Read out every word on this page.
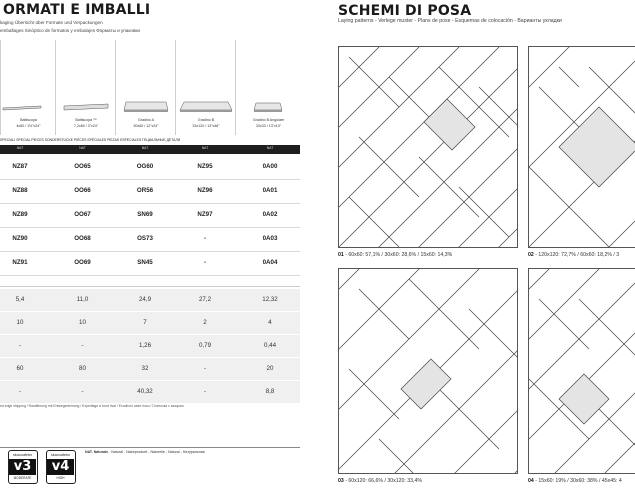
ORMATI E IMBALLI
kaging Übersicht über Formate und Verpackungen
emballages Sinóptico de formatos y embalajes Форматы и упаковки
Battiscopa
4x60 / 1½"x24"
Battiscopa ™
7,2x60 / 3"x24"
Gradino A
30x60 / 12"x24"
Gradino B
33x120 / 13"x48"
Gradino B Angolare
33x33 / 13"x13"
SPECIALI SPECIAL PIECES SONDERSTÜCKE PIÈCES SPÉCIALES PIEZAS ESPECIALES ГЕЦИАЛЬНЫЕ ДЕТАЛИ
NAT	NAT	NAT	NAT	NAT
NZ87	OO65	OG60	NZ95	0A00
NZ88	OO66	OR56	NZ96	0A01
NZ89	OO67	SN69	NZ97	0A02
NZ90	OO68	OS73	-	0A03
NZ91	OO69	SN45	-	0A04
5,4	11,0	24,9	27,2	12,32
10	10	7	2	4
-	-	1,26	0,79	0,44
60	80	32	-	20
-	-	40,32	-	8,8
ed edge shipping / Rautitierung mit Entsiegenleinung / Expediage à bord rival / Ecudinón cade rioso / Плиточка с зазором
stuccoafetor
v3
MODERATE
stuccoafetor
v4
HIGH
NAT. Naturale - Natural - Naturprodurtt - Naturelle - Natural - Натуральная
SCHEMI DI POSA
Laying patterns - Verlege muster - Plans de pose - Esquemas de colocación - Варианты укладки
01 - 60x60: 57,1% / 30x60: 28,6% / 15x60: 14,3%	02 - 120x120: 72,7% / 60x60: 18,2% / 3
03 - 60x120: 66,6% / 30x120: 33,4%	04 - 15x60: 19% / 30x60: 38% / 45x45: 4
